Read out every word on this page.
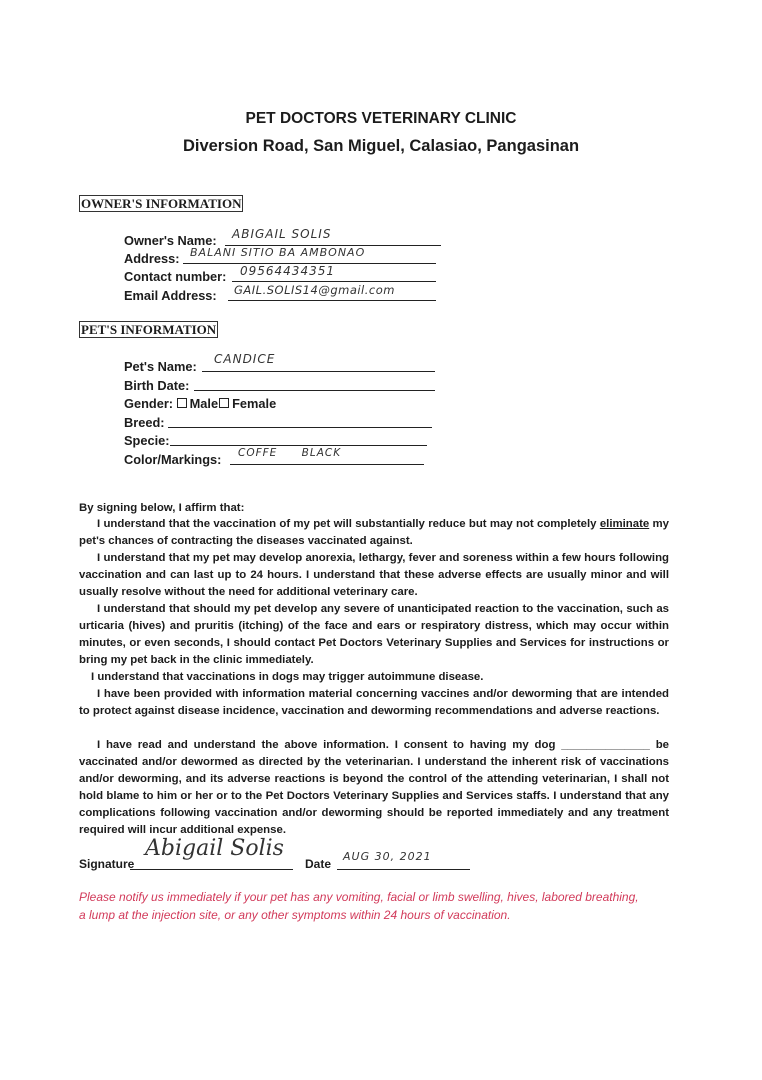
PET DOCTORS VETERINARY CLINIC
Diversion Road, San Miguel, Calasiao, Pangasinan
OWNER'S INFORMATION
Owner's Name: ABIGAIL SOLIS
Address: BALANI SITIO BA AMBONAO
Contact number: 09564434351
Email Address: GAIL.SOLIS14@gmail.com
PET'S INFORMATION
Pet's Name: CANDICE
Birth Date:
Gender: Male Female
Breed:
Specie:
Color/Markings: COFFE BLACK
By signing below, I affirm that:
I understand that the vaccination of my pet will substantially reduce but may not completely eliminate my pet's chances of contracting the diseases vaccinated against.
I understand that my pet may develop anorexia, lethargy, fever and soreness within a few hours following vaccination and can last up to 24 hours. I understand that these adverse effects are usually minor and will usually resolve without the need for additional veterinary care.
I understand that should my pet develop any severe of unanticipated reaction to the vaccination, such as urticaria (hives) and pruritis (itching) of the face and ears or respiratory distress, which may occur within minutes, or even seconds, I should contact Pet Doctors Veterinary Supplies and Services for instructions or bring my pet back in the clinic immediately.
I understand that vaccinations in dogs may trigger autoimmune disease.
I have been provided with information material concerning vaccines and/or deworming that are intended to protect against disease incidence, vaccination and deworming recommendations and adverse reactions.
I have read and understand the above information. I consent to having my dog ______________ be vaccinated and/or dewormed as directed by the veterinarian. I understand the inherent risk of vaccinations and/or deworming, and its adverse reactions is beyond the control of the attending veterinarian, I shall not hold blame to him or her or to the Pet Doctors Veterinary Supplies and Services staffs. I understand that any complications following vaccination and/or deworming should be reported immediately and any treatment required will incur additional expense.
Signature
Abigail Solis
Date
AUG 30, 2021
Please notify us immediately if your pet has any vomiting, facial or limb swelling, hives, labored breathing, a lump at the injection site, or any other symptoms within 24 hours of vaccination.
